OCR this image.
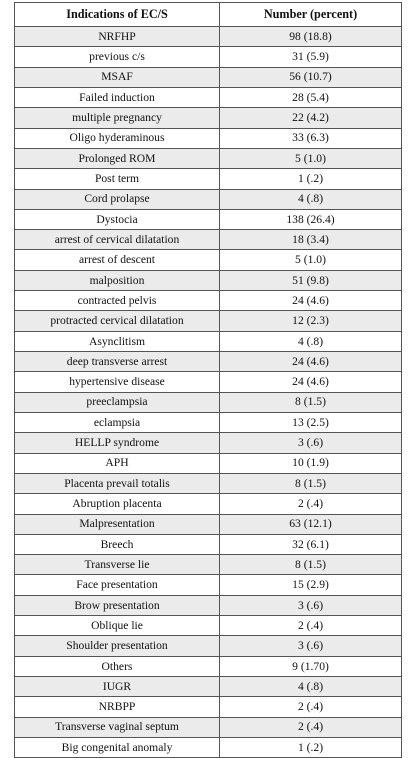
Indications of EC/S	Number (percent)
NRFHP	98 (18.8)
previous c/s	31 (5.9)
MSAF	56 (10.7)
Failed induction	28 (5.4)
multiple pregnancy	22 (4.2)
Oligo hyderaminous	33 (6.3)
Prolonged ROM	5 (1.0)
Post term	1 (.2)
Cord prolapse	4 (.8)
Dystocia	138 (26.4)
arrest of cervical dilatation	18 (3.4)
arrest of descent	5 (1.0)
malposition	51 (9.8)
contracted pelvis	24 (4.6)
protracted cervical dilatation	12 (2.3)
Asynclitism	4 (.8)
deep transverse arrest	24 (4.6)
hypertensive disease	24 (4.6)
preeclampsia	8 (1.5)
eclampsia	13 (2.5)
HELLP syndrome	3 (.6)
APH	10 (1.9)
Placenta prevail totalis	8 (1.5)
Abruption placenta	2 (.4)
Malpresentation	63 (12.1)
Breech	32 (6.1)
Transverse lie	8 (1.5)
Face presentation	15 (2.9)
Brow presentation	3 (.6)
Oblique lie	2 (.4)
Shoulder presentation	3 (.6)
Others	9 (1.70)
IUGR	4 (.8)
NRBPP	2 (.4)
Transverse vaginal septum	2 (.4)
Big congenital anomaly	1 (.2)
